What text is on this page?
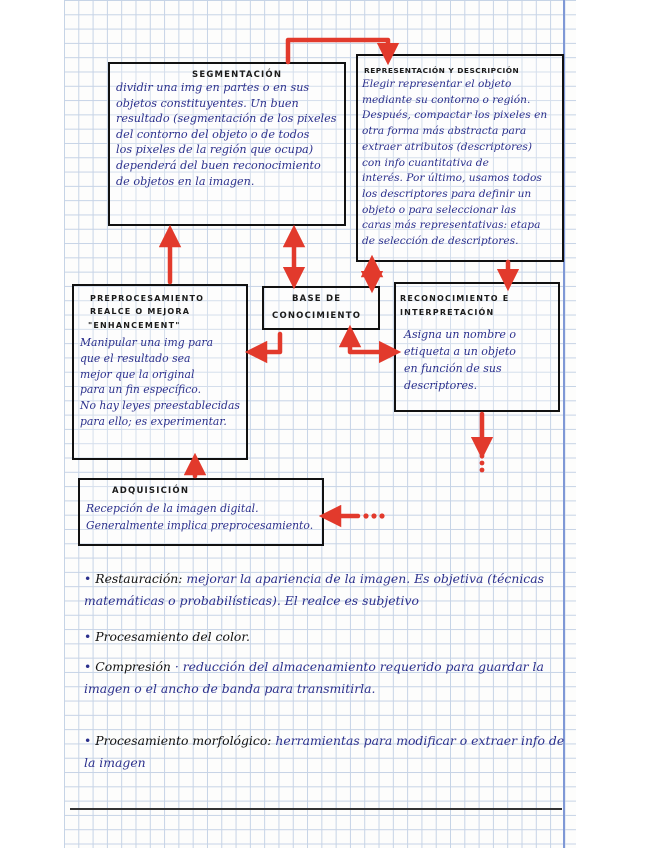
SEGMENTACIÓN
dividir una img en partes o en sus
objetos constituyentes. Un buen
resultado (segmentación de los pixeles
del contorno del objeto o de todos
los pixeles de la región que ocupa)
dependerá del buen reconocimiento
de objetos en la imagen.
REPRESENTACIÓN Y DESCRIPCIÓN
Elegir representar el objeto
mediante su contorno o región.
Después, compactar los pixeles en
otra forma más abstracta para
extraer atributos (descriptores)
con info cuantitativa de
interés. Por último, usamos todos
los descriptores para definir un
objeto o para seleccionar las
caras más representativas: etapa
de selección de descriptores.
BASE DE
CONOCIMIENTO
PREPROCESAMIENTO
REALCE O MEJORA
"ENHANCEMENT"
Manipular una img para
que el resultado sea
mejor que la original
para un fin específico.
No hay leyes preestablecidas
para ello; es experimentar.
RECONOCIMIENTO E
INTERPRETACIÓN
Asigna un nombre o
etiqueta a un objeto
en función de sus
descriptores.
ADQUISICIÓN
Recepción de la imagen digital.
Generalmente implica preprocesamiento.
• Restauración: mejorar la apariencia de la imagen. Es objetiva (técnicas matemáticas o probabilísticas). El realce es subjetivo
• Procesamiento del color.
• Compresión · reducción del almacenamiento requerido para guardar la imagen o el ancho de banda para transmitirla.
• Procesamiento morfológico: herramientas para modificar o extraer info de la imagen
